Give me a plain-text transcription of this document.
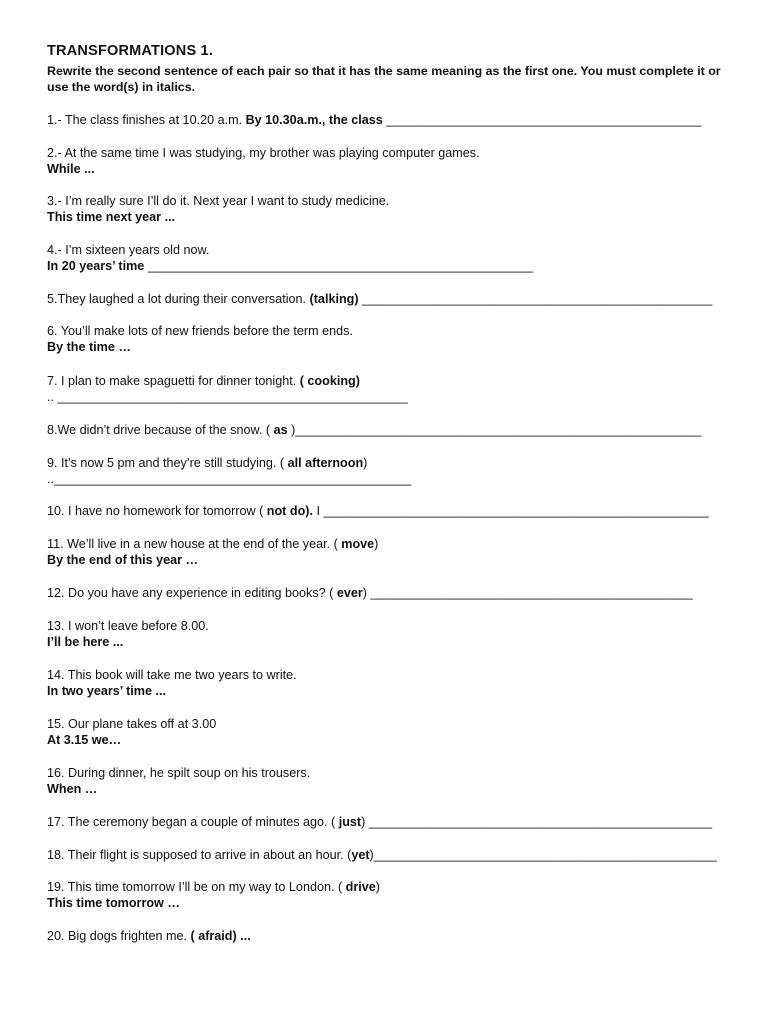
TRANSFORMATIONS 1.
Rewrite the second sentence of each pair so that it has the same meaning as the first one. You must complete it or use the word(s) in italics.
1.- The class finishes at 10.20 a.m. By 10.30a.m., the class _____________________________________________
2.- At the same time I was studying, my brother was playing computer games.
While ...
3.- I’m really sure I’ll do it. Next year I want to study medicine.
This time next year ...
4.- I’m sixteen years old now.
In 20 years’ time _______________________________________________________
5.They laughed a lot during their conversation. (talking) __________________________________________________
6. You’ll make lots of new friends before the term ends.
By the time …
7. I plan to make spaguetti for dinner tonight. ( cooking)
.. __________________________________________________
8.We didn’t drive because of the snow. ( as )__________________________________________________________
9. It’s now 5 pm and they’re still studying. ( all afternoon)
..___________________________________________________
10. I have no homework for tomorrow ( not do). I _______________________________________________________
11. We’ll live in a new house at the end of the year. ( move)
By the end of this year …
12. Do you have any experience in editing books? ( ever) ______________________________________________
13. I won’t leave before 8.00.
I’ll be here ...
14. This book will take me two years to write.
In two years’ time ...
15. Our plane takes off at 3.00
At 3.15 we…
16. During dinner, he spilt soup on his trousers.
When …
17. The ceremony began a couple of minutes ago. ( just) _________________________________________________
18. Their flight is supposed to arrive in about an hour. (yet)_________________________________________________
19. This time tomorrow I’ll be on my way to London. ( drive)
This time tomorrow …
20. Big dogs frighten me. ( afraid) ...
